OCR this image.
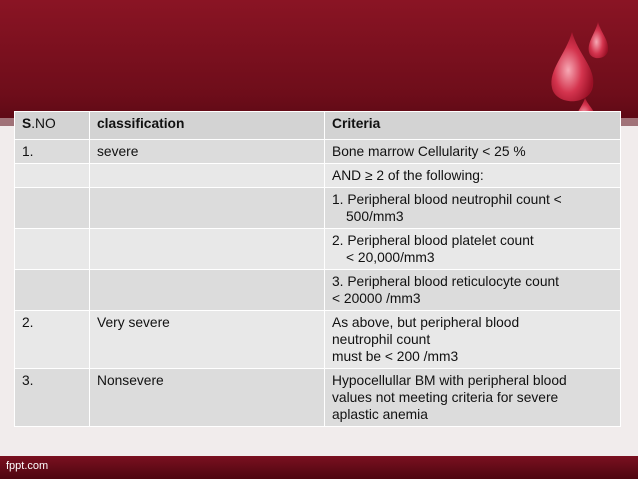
S.NO	classification	Criteria
1.	severe	Bone marrow Cellularity < 25 %
		AND ≥ 2 of the following:
		1. Peripheral blood neutrophil count <
500/mm3
		2. Peripheral blood platelet count
< 20,000/mm3
		3. Peripheral blood reticulocyte count
< 20000 /mm3
2.	Very severe	As above, but peripheral blood
neutrophil count
must be < 200 /mm3
3.	Nonsevere	Hypocellullar BM with peripheral blood
values not meeting criteria for severe
aplastic anemia
fppt.com
